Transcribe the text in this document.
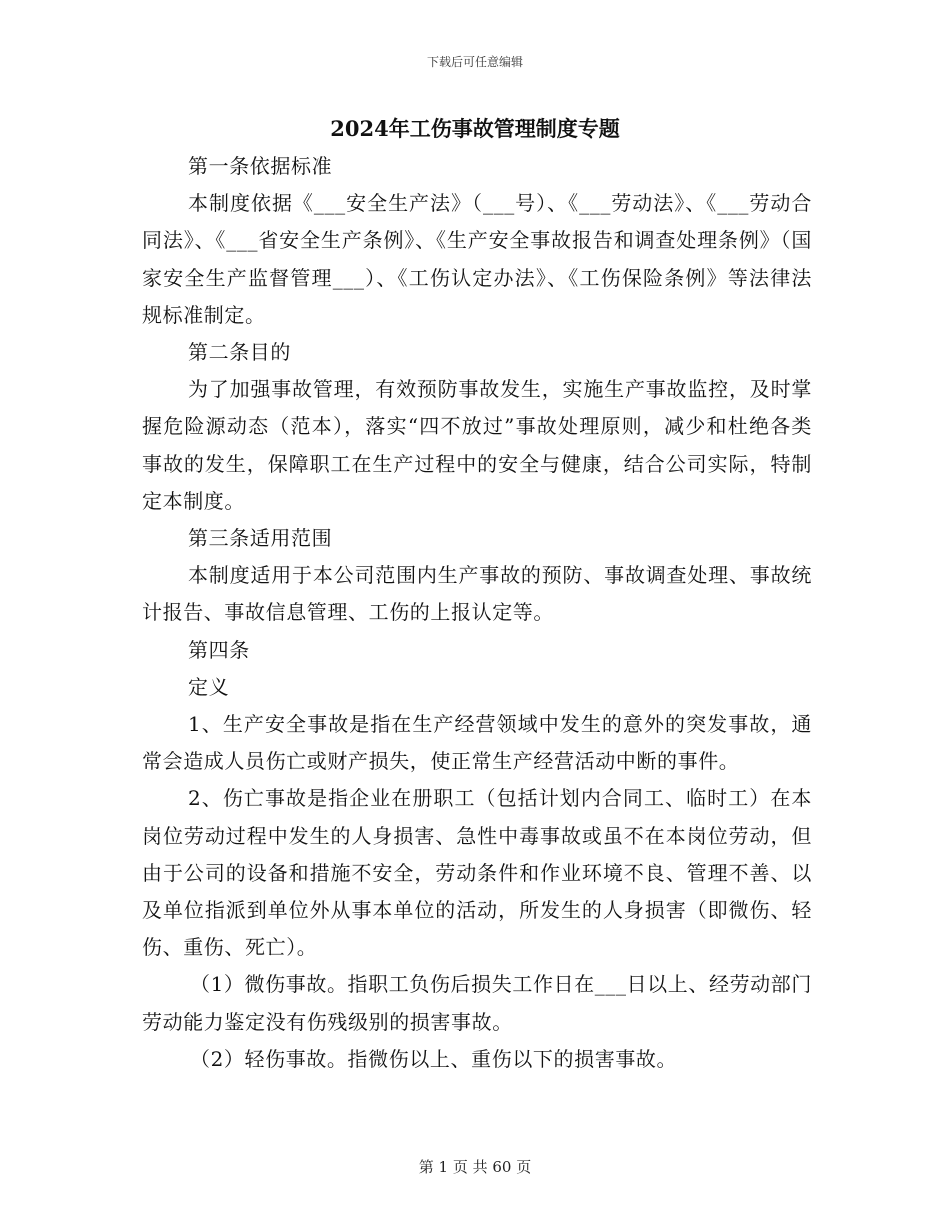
下载后可任意编辑
2024年工伤事故管理制度专题

第一条依据标准

本制度依据《___安全生产法》（___号）、《___劳动法》、《___劳动合同法》、《___省安全生产条例》、《生产安全事故报告和调查处理条例》（国家安全生产监督管理___）、《工伤认定办法》、《工伤保险条例》等法律法规标准制定。

第二条目的

为了加强事故管理，有效预防事故发生，实施生产事故监控，及时掌握危险源动态（范本），落实“四不放过”事故处理原则，减少和杜绝各类事故的发生，保障职工在生产过程中的安全与健康，结合公司实际，特制定本制度。

第三条适用范围

本制度适用于本公司范围内生产事故的预防、事故调查处理、事故统计报告、事故信息管理、工伤的上报认定等。

第四条

定义

1、生产安全事故是指在生产经营领域中发生的意外的突发事故，通常会造成人员伤亡或财产损失，使正常生产经营活动中断的事件。

2、伤亡事故是指企业在册职工（包括计划内合同工、临时工）在本岗位劳动过程中发生的人身损害、急性中毒事故或虽不在本岗位劳动，但由于公司的设备和措施不安全，劳动条件和作业环境不良、管理不善、以及单位指派到单位外从事本单位的活动，所发生的人身损害（即微伤、轻伤、重伤、死亡）。

（1）微伤事故。指职工负伤后损失工作日在___日以上、经劳动部门劳动能力鉴定没有伤残级别的损害事故。

（2）轻伤事故。指微伤以上、重伤以下的损害事故。

第 1 页 共 60 页
